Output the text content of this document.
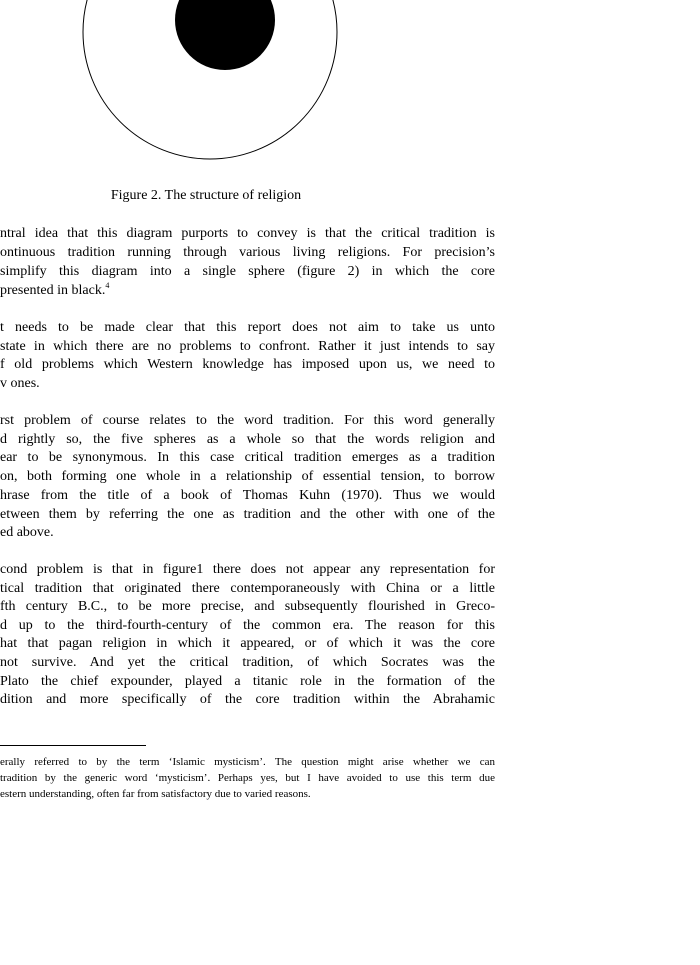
Figure 2. The structure of religion
ntral idea that this diagram purports to convey is that the critical tradition is
ontinuous tradition running through various living religions. For precision’s
simplify this diagram into a single sphere (figure 2) in which the core
presented in black.$^4$
t needs to be made clear that this report does not aim to take us unto
state in which there are no problems to confront. Rather it just intends to say
f old problems which Western knowledge has imposed upon us, we need to
v ones.
rst problem of course relates to the word tradition. For this word generally
d rightly so, the five spheres as a whole so that the words religion and
ear to be synonymous. In this case critical tradition emerges as a tradition
on, both forming one whole in a relationship of essential tension, to borrow
hrase from the title of a book of Thomas Kuhn (1970). Thus we would
etween them by referring the one as tradition and the other with one of the
ed above.
cond problem is that in figure1 there does not appear any representation for
tical tradition that originated there contemporaneously with China or a little
fth century B.C., to be more precise, and subsequently flourished in Greco-
d up to the third-fourth-century of the common era. The reason for this
hat that pagan religion in which it appeared, or of which it was the core
not survive. And yet the critical tradition, of which Socrates was the
Plato the chief expounder, played a titanic role in the formation of the
dition and more specifically of the core tradition within the Abrahamic
erally referred to by the term ‘Islamic mysticism’. The question might arise whether we can
tradition by the generic word ‘mysticism’. Perhaps yes, but I have avoided to use this term due
estern understanding, often far from satisfactory due to varied reasons.
